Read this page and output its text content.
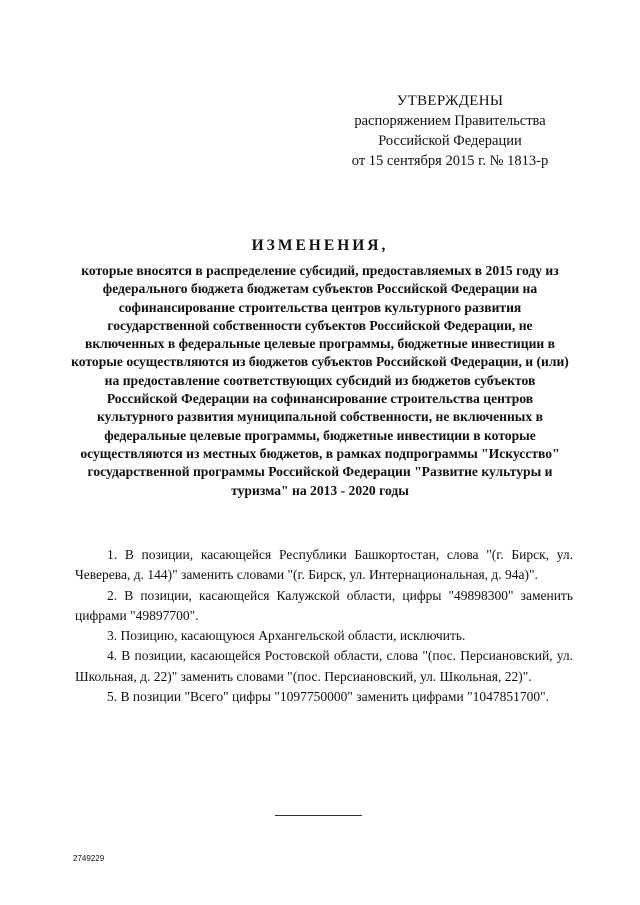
УТВЕРЖДЕНЫ
распоряжением Правительства
Российской Федерации
от 15 сентября 2015 г. № 1813-р
ИЗМЕНЕНИЯ,
которые вносятся в распределение субсидий, предоставляемых в 2015 году из федерального бюджета бюджетам субъектов Российской Федерации на софинансирование строительства центров культурного развития государственной собственности субъектов Российской Федерации, не включенных в федеральные целевые программы, бюджетные инвестиции в которые осуществляются из бюджетов субъектов Российской Федерации, и (или) на предоставление соответствующих субсидий из бюджетов субъектов Российской Федерации на софинансирование строительства центров культурного развития муниципальной собственности, не включенных в федеральные целевые программы, бюджетные инвестиции в которые осуществляются из местных бюджетов, в рамках подпрограммы "Искусство" государственной программы Российской Федерации "Развитие культуры и туризма" на 2013 - 2020 годы

1. В позиции, касающейся Республики Башкортостан, слова "(г. Бирск, ул. Чеверева, д. 144)" заменить словами "(г. Бирск, ул. Интернациональная, д. 94а)".

2. В позиции, касающейся Калужской области, цифры "49898300" заменить цифрами "49897700".

3. Позицию, касающуюся Архангельской области, исключить.

4. В позиции, касающейся Ростовской области, слова "(пос. Персиановский, ул. Школьная, д. 22)" заменить словами "(пос. Персиановский, ул. Школьная, 22)".

5. В позиции "Всего" цифры "1097750000" заменить цифрами "1047851700".

2749229
